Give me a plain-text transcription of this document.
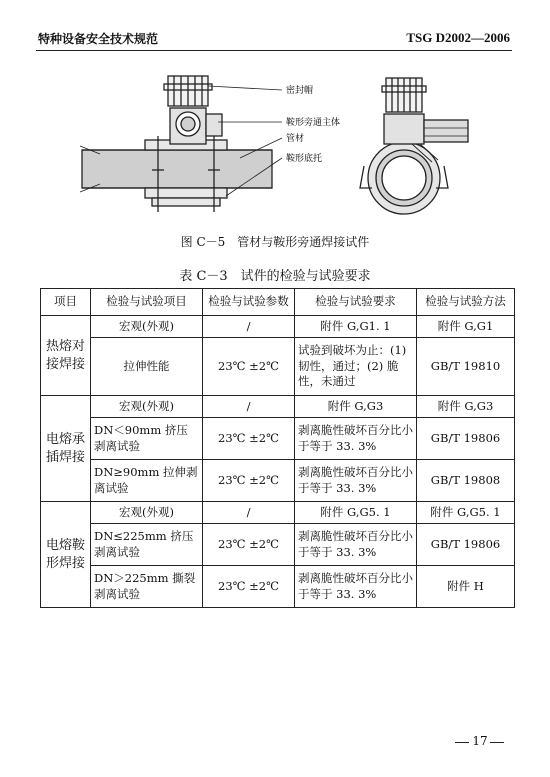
特种设备安全技术规范	TSG D2002—2006
密封帽
鞍形旁通主体
管材
鞍形底托
图 C－5　管材与鞍形旁通焊接试件
表 C－3　试件的检验与试验要求
项目	检验与试验项目	检验与试验参数	检验与试验要求	检验与试验方法
热熔对接焊接	宏观(外观)	/	附件 G,G1. 1	附件 G,G1
	拉伸性能	23℃ ±2℃	试验到破坏为止：(1) 韧性，通过；(2) 脆性，未通过	GB/T 19810
电熔承插焊接	宏观(外观)	/	附件 G,G3	附件 G,G3
	DN＜90mm 挤压剥离试验	23℃ ±2℃	剥离脆性破坏百分比小于等于 33. 3%	GB/T 19806
	DN≥90mm 拉伸剥离试验	23℃ ±2℃	剥离脆性破坏百分比小于等于 33. 3%	GB/T 19808
电熔鞍形焊接	宏观(外观)	/	附件 G,G5. 1	附件 G,G5. 1
	DN≤225mm 挤压剥离试验	23℃ ±2℃	剥离脆性破坏百分比小于等于 33. 3%	GB/T 19806
	DN＞225mm 撕裂剥离试验	23℃ ±2℃	剥离脆性破坏百分比小于等于 33. 3%	附件 H
17
